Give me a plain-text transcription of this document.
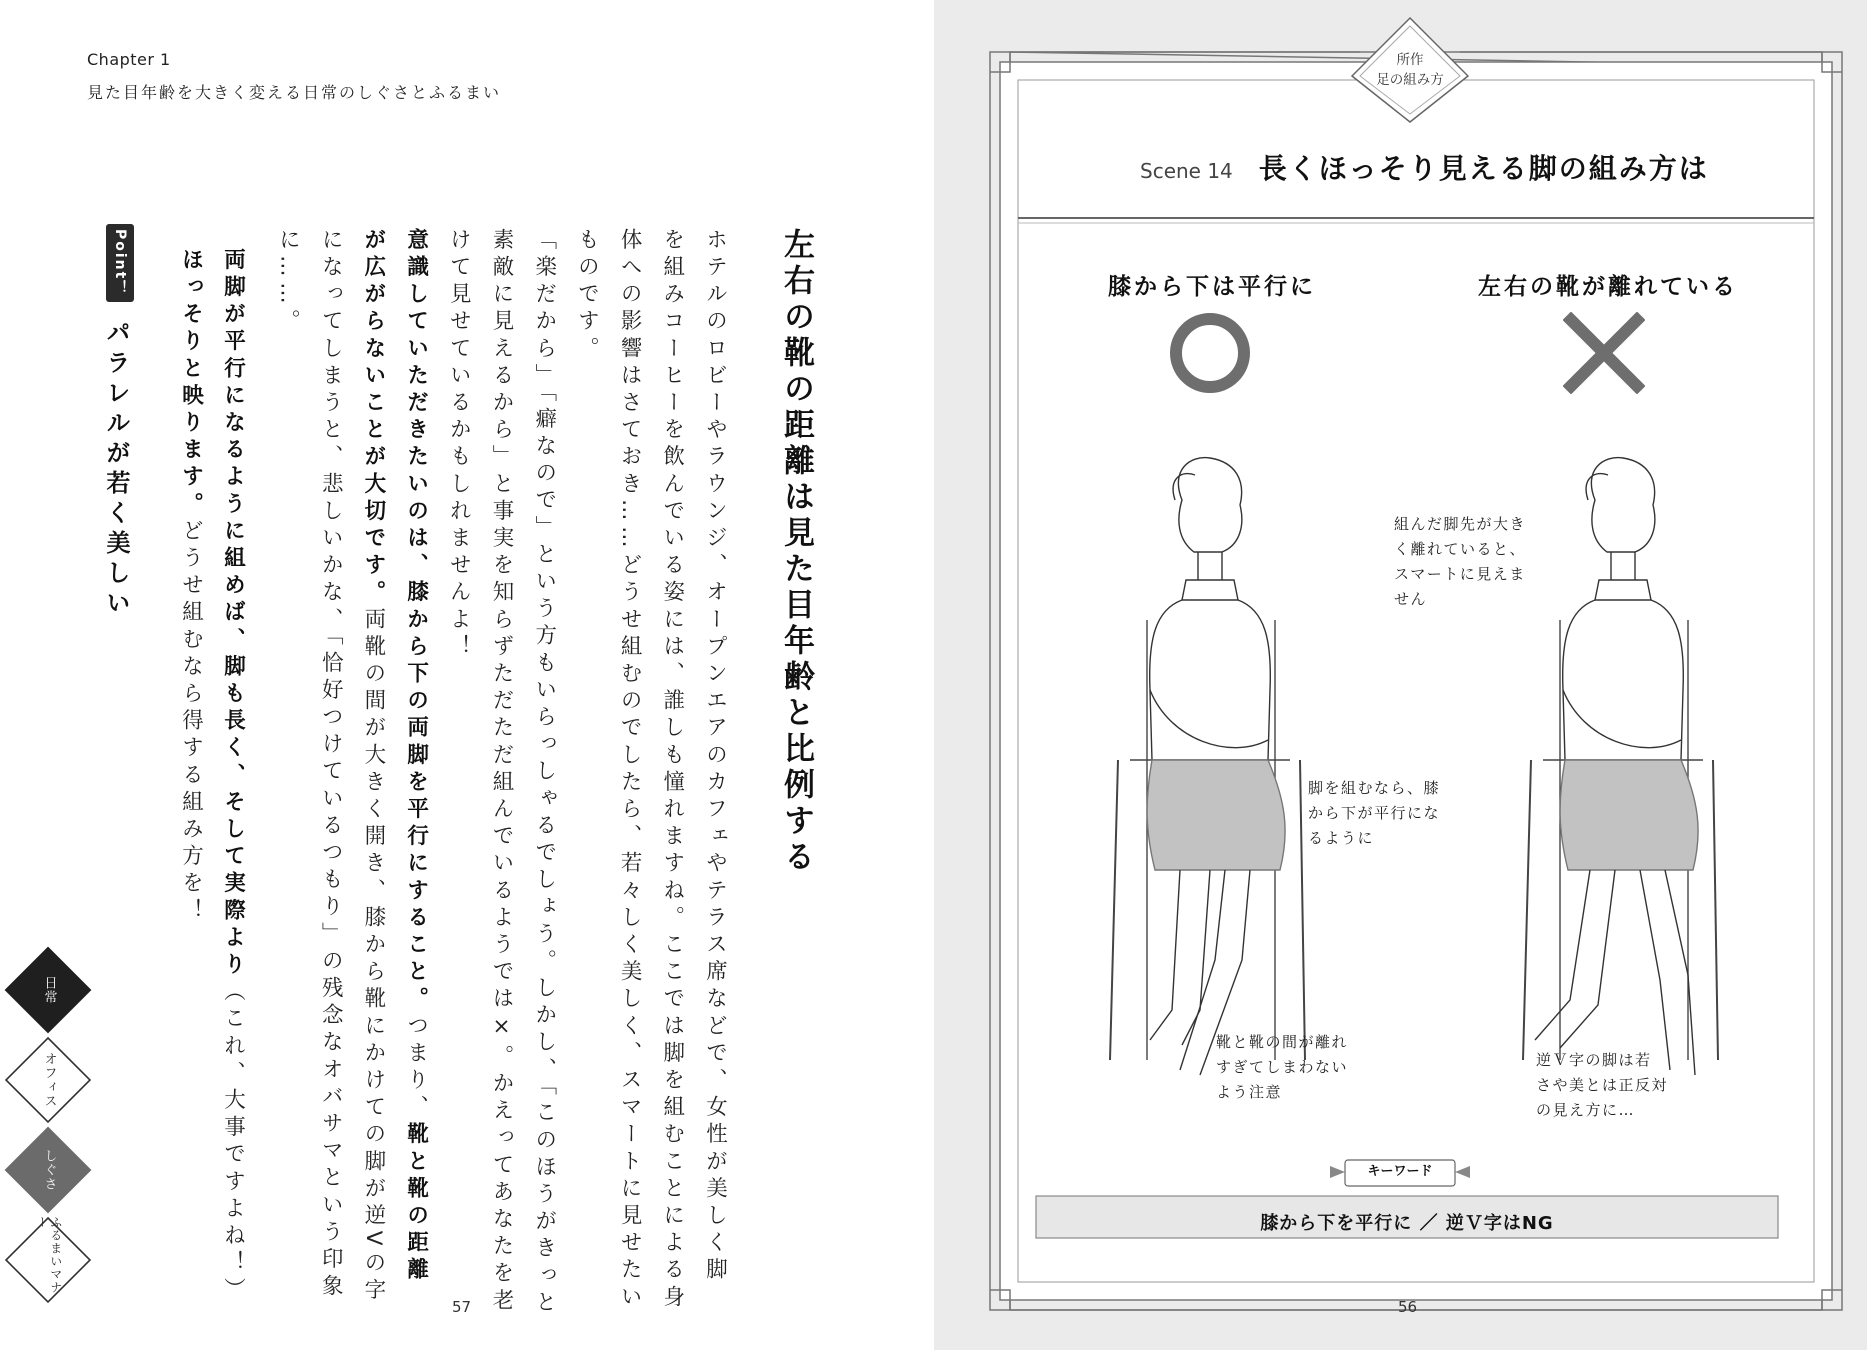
Chapter 1
見た目年齢を大きく変える日常のしぐさとふるまい
左右の靴の距離は見た目年齢と比例する
ホテルのロビーやラウンジ、オープンエアのカフェやテラス席などで、女性が美しく脚
を組みコーヒーを飲んでいる姿には、誰しも憧れますね。ここでは脚を組むことによる身
体への影響はさておき……どうせ組むのでしたら、若々しく美しく、スマートに見せたい
ものです。
「楽だから」「癖なので」という方もいらっしゃるでしょう。しかし、「このほうがきっと
素敵に見えるから」と事実を知らずただただ組んでいるようでは×。かえってあなたを老
けて見せているかもしれませんよ！
意識していただきたいのは、膝から下の両脚を平行にすること。つまり、靴と靴の距離
が広がらないことが大切です。両靴の間が大きく開き、膝から靴にかけての脚が逆Vの字
になってしまうと、悲しいかな、「恰好つけているつもり」の残念なオバサマという印象
に……。
Point！
パラレルが若く美しい	両脚が平行になるように組めば、脚も長く、そして実際より（これ、大事ですよね！）
ほっそりと映ります。どうせ組むなら得する組み方を！
日常
オフィス
しぐさ
ふるまいマナー
57
所作
足の組み方
Scene 14 長くほっそり見える脚の組み方は
膝から下は平行に	左右の靴が離れている
脚を組むなら、膝
から下が平行にな
るように
靴と靴の間が離れ
すぎてしまわない
よう注意
組んだ脚先が大き
く離れていると、
スマートに見えま
せん
逆Ｖ字の脚は若
さや美とは正反対
の見え方に…
キーワード
膝から下を平行に ／ 逆Ｖ字はNG
56
